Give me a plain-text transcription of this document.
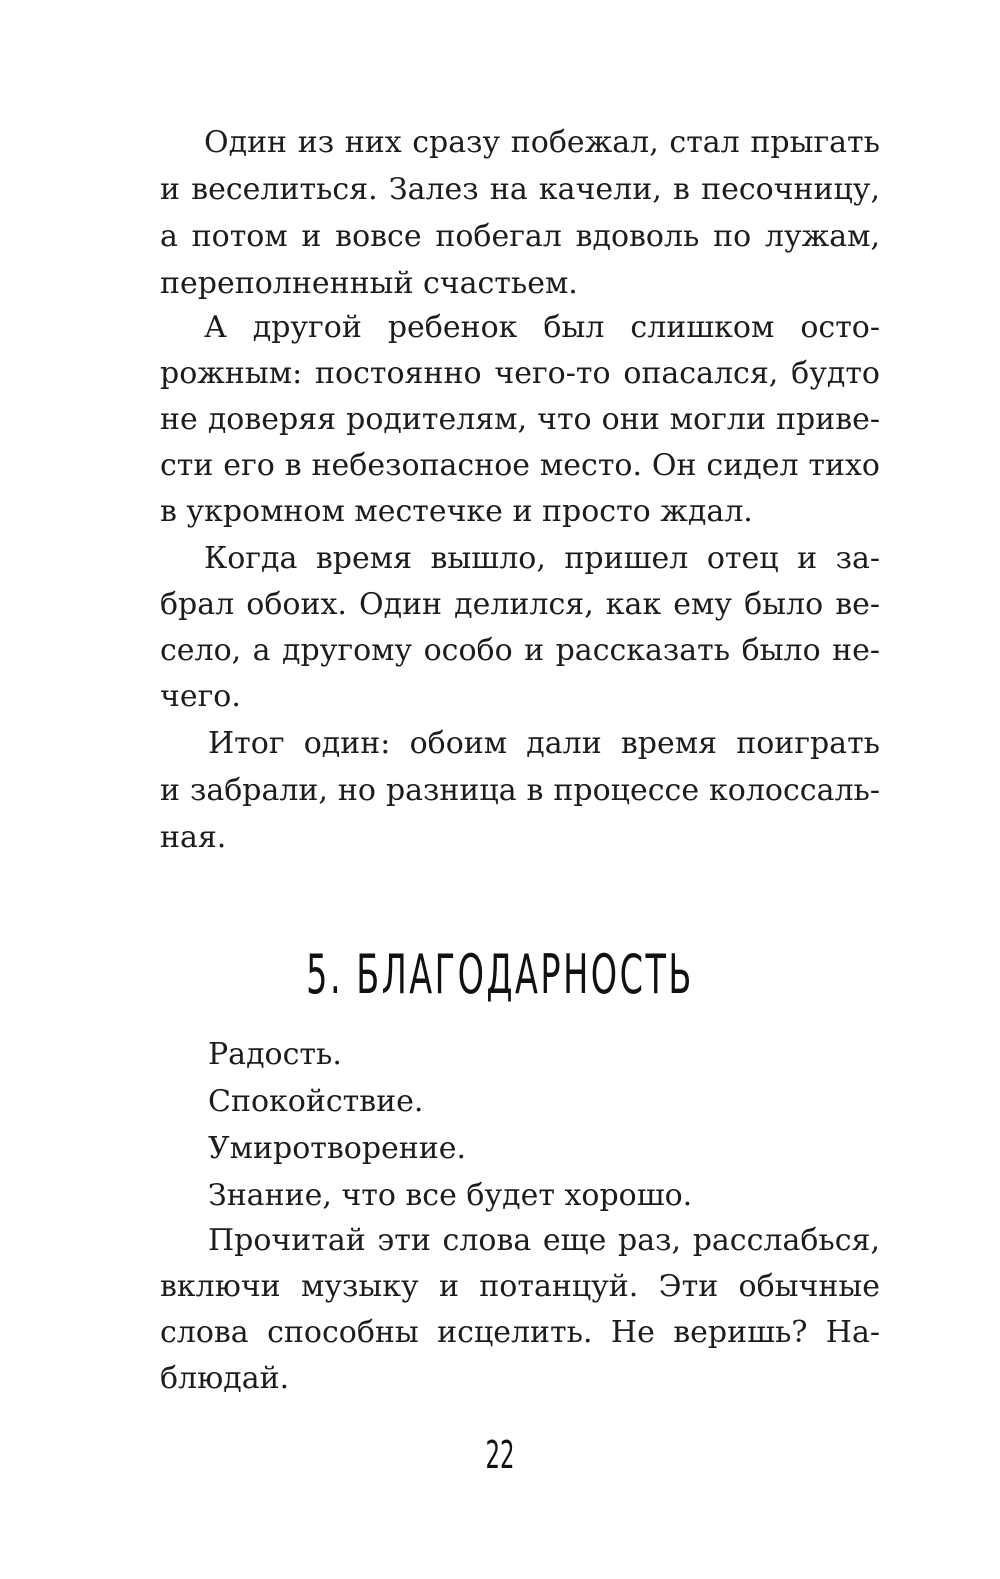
Один из них сразу побежал, стал прыгать
и веселиться. Залез на качели, в песочницу,
а потом и вовсе побегал вдоволь по лужам,
переполненный счастьем.
А другой ребенок был слишком осто-
рожным: постоянно чего-то опасался, будто
не доверяя родителям, что они могли приве-
сти его в небезопасное место. Он сидел тихо
в укромном местечке и просто ждал.
Когда время вышло, пришел отец и за-
брал обоих. Один делился, как ему было ве-
село, а другому особо и рассказать было не-
чего.
Итог один: обоим дали время поиграть
и забрали, но разница в процессе колоссаль-
ная.
5. БЛАГОДАРНОСТЬ
Радость.
Спокойствие.
Умиротворение.
Знание, что все будет хорошо.
Прочитай эти слова еще раз, расслабься,
включи музыку и потанцуй. Эти обычные
слова способны исцелить. Не веришь? На-
блюдай.
22
